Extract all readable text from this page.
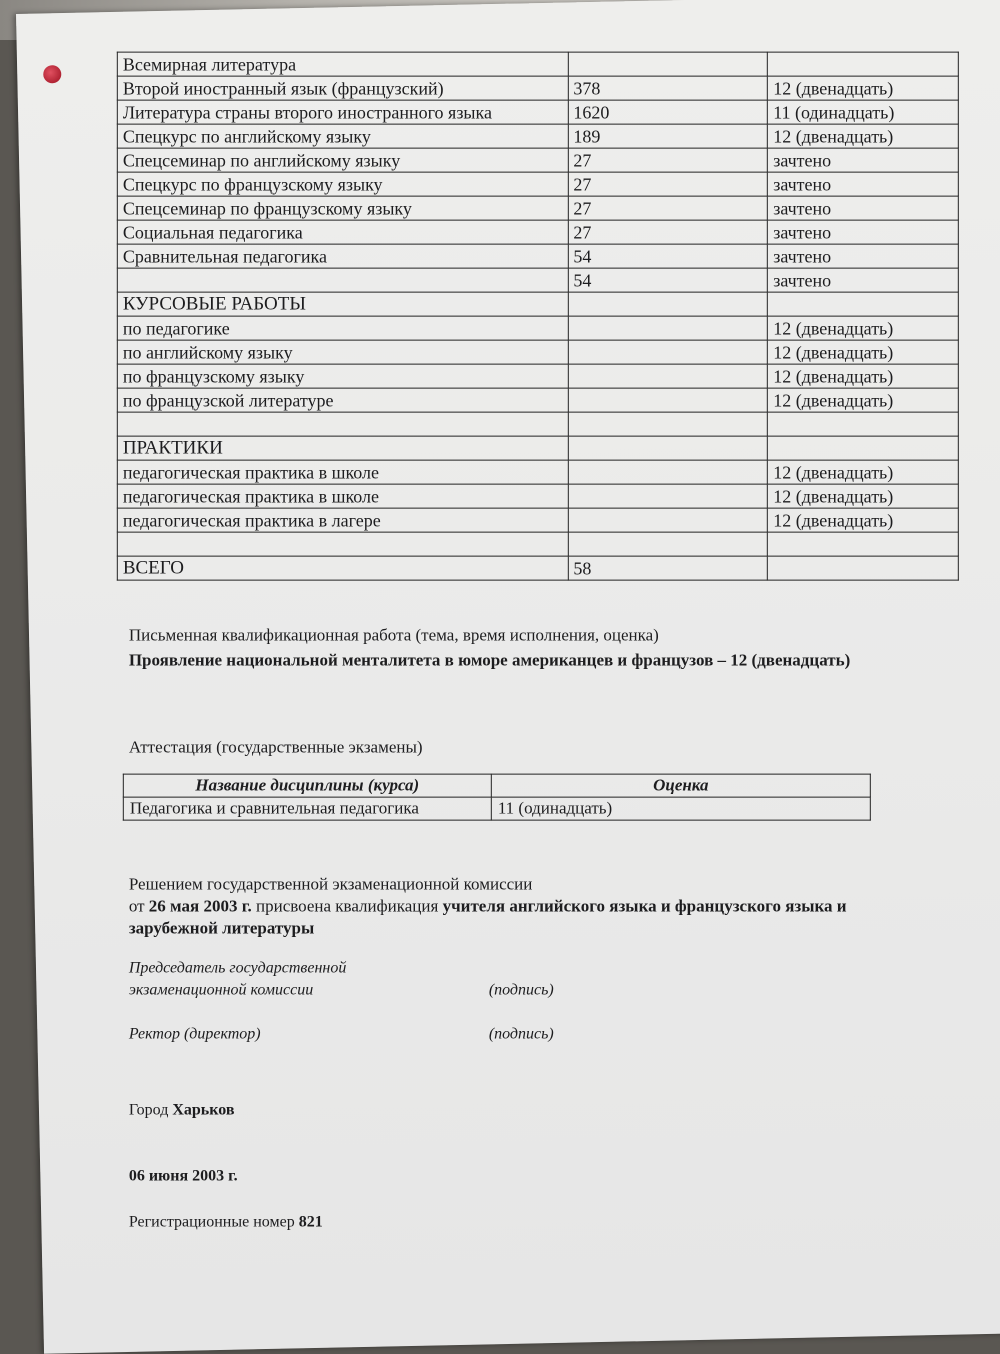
Всемирная литература		
Второй иностранный язык (французский)	378	12 (двенадцать)
Литература страны второго иностранного языка	1620	11 (одинадцать)
Спецкурс по английскому языку	189	12 (двенадцать)
Спецсеминар по английскому языку	27	зачтено
Спецкурс по французскому языку	27	зачтено
Спецсеминар по французскому языку	27	зачтено
Социальная педагогика	27	зачтено
Сравнительная педагогика	54	зачтено
	54	зачтено
КУРСОВЫЕ РАБОТЫ		
по педагогике		12 (двенадцать)
по английскому языку		12 (двенадцать)
по французскому языку		12 (двенадцать)
по французской литературе		12 (двенадцать)

ПРАКТИКИ		
педагогическая практика в школе		12 (двенадцать)
педагогическая практика в школе		12 (двенадцать)
педагогическая практика в лагере		12 (двенадцать)

ВСЕГО	58	
Письменная квалификационная работа (тема, время исполнения, оценка)
Проявление национальной менталитета в юморе американцев и французов – 12 (двенадцать)
Аттестация (государственные экзамены)
Название дисциплины (курса)	Оценка
Педагогика и сравнительная педагогика	11 (одинадцать)
Решением государственной экзаменационной комиссии
от 26 мая 2003 г. присвоена квалификация учителя английского языка и французского языка и зарубежной литературы
Председатель государственной
экзаменационной комиссии	(подпись)
Ректор (директор)	(подпись)
Город Харьков
06 июня 2003 г.
Регистрационные номер 821
